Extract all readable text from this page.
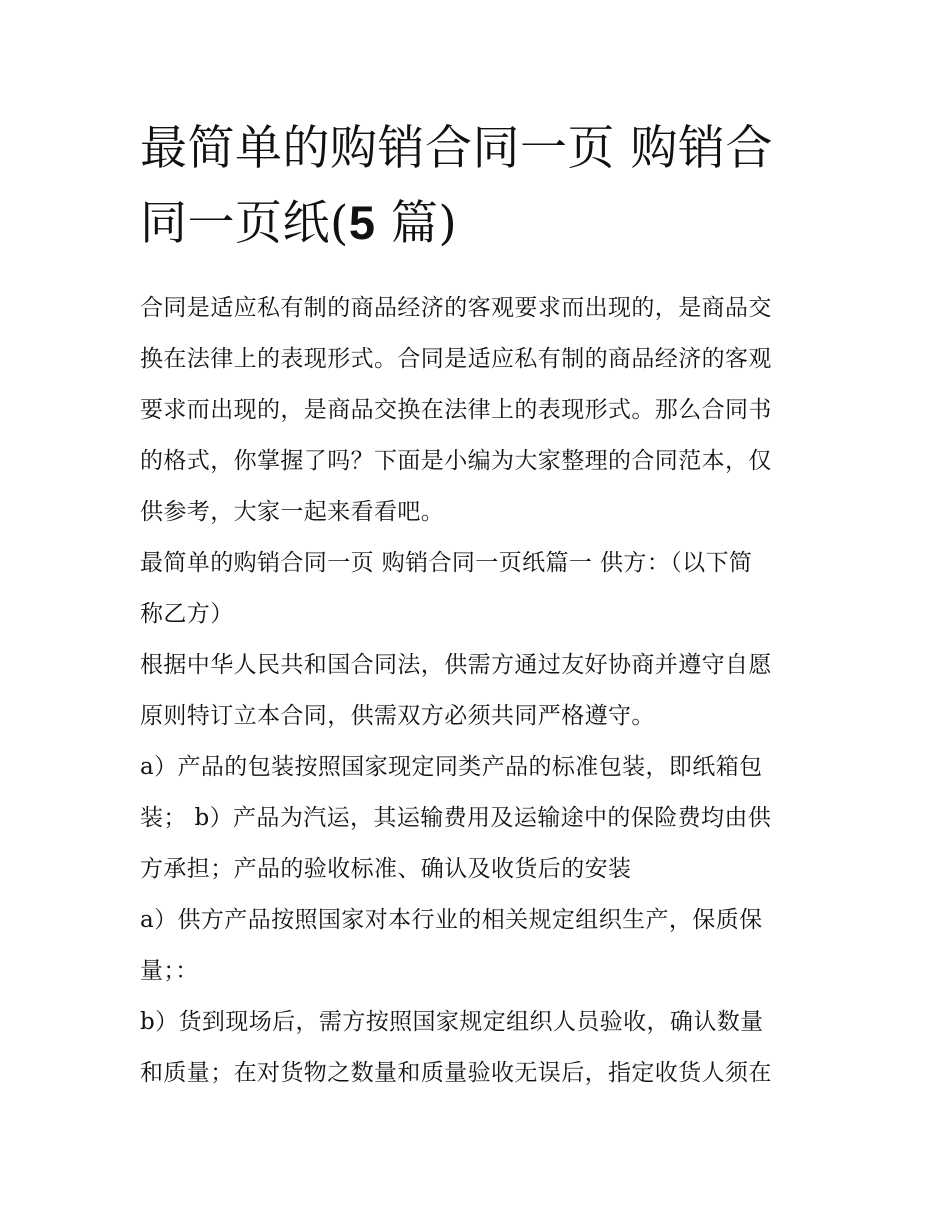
最简单的购销合同一页 购销合
同一页纸(5 篇)

合同是适应私有制的商品经济的客观要求而出现的，是商品交
换在法律上的表现形式。合同是适应私有制的商品经济的客观
要求而出现的，是商品交换在法律上的表现形式。那么合同书
的格式，你掌握了吗？下面是小编为大家整理的合同范本，仅
供参考，大家一起来看看吧。

最简单的购销合同一页 购销合同一页纸篇一 供方：（以下简
称乙方）

根据中华人民共和国合同法，供需方通过友好协商并遵守自愿
原则特订立本合同，供需双方必须共同严格遵守。

a）产品的包装按照国家现定同类产品的标准包装，即纸箱包
装； b）产品为汽运，其运输费用及运输途中的保险费均由供
方承担；产品的验收标准、确认及收货后的安装

a）供方产品按照国家对本行业的相关规定组织生产，保质保
量；：

b）货到现场后，需方按照国家规定组织人员验收，确认数量
和质量；在对货物之数量和质量验收无误后，指定收货人须在
